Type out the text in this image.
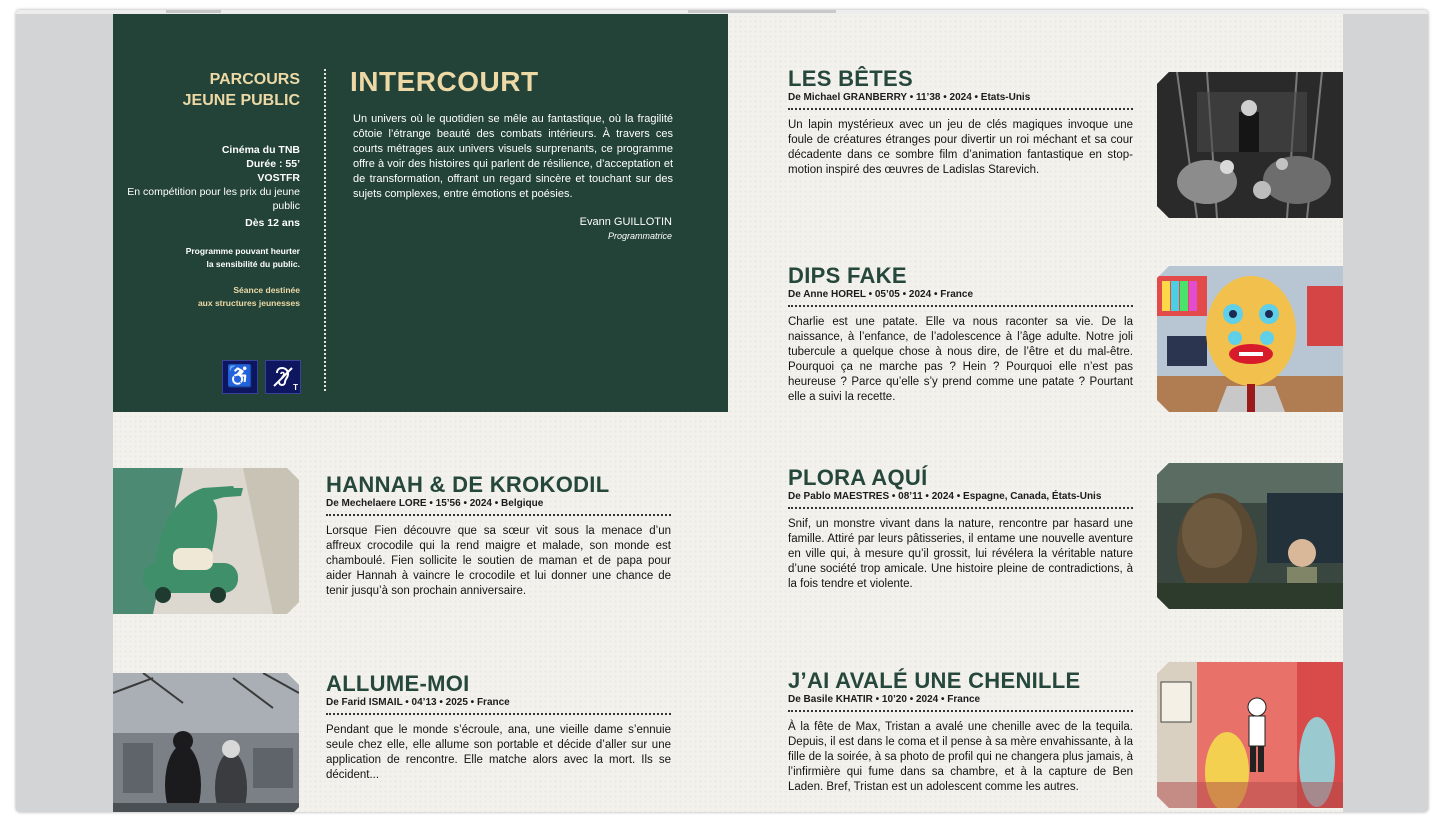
PARCOURS
JEUNE PUBLIC
Cinéma du TNB
Durée : 55’
VOSTFR
En compétition pour les prix du jeune public
Dès 12 ans
Programme pouvant heurter
la sensibilité du public.
Séance destinée
aux structures jeunesses
♿	T
INTERCOURT
Un univers où le quotidien se mêle au fantastique, où la fragilité côtoie l’étrange beauté des combats intérieurs. À travers ces courts métrages aux univers visuels surprenants, ce programme offre à voir des histoires qui parlent de résilience, d’acceptation et de transformation, offrant un regard sincère et touchant sur des sujets complexes, entre émotions et poésies.
Evann GUILLOTIN
Programmatrice
LES BÊTES
De Michael GRANBERRY • 11’38 • 2024 • Etats-Unis

Un lapin mystérieux avec un jeu de clés magiques invoque une foule de créatures étranges pour divertir un roi méchant et sa cour décadente dans ce sombre film d’animation fantastique en stop-motion inspiré des œuvres de Ladislas Starevich.

DIPS FAKE
De Anne HOREL • 05’05 • 2024 • France

Charlie est une patate. Elle va nous raconter sa vie. De la naissance, à l’enfance, de l’adolescence à l’âge adulte. Notre joli tubercule a quelque chose à nous dire, de l’être et du mal-être. Pourquoi ça ne marche pas ? Hein ? Pourquoi elle n’est pas heureuse ? Parce qu’elle s’y prend comme une patate ? Pourtant elle a suivi la recette.

PLORA AQUÍ
De Pablo MAESTRES • 08’11 • 2024 • Espagne, Canada, États-Unis

Snif, un monstre vivant dans la nature, rencontre par hasard une famille. Attiré par leurs pâtisseries, il entame une nouvelle aventure en ville qui, à mesure qu’il grossit, lui révélera la véritable nature d’une société trop amicale. Une histoire pleine de contradictions, à la fois tendre et violente.

J’AI AVALÉ UNE CHENILLE
De Basile KHATIR • 10’20 • 2024 • France

À la fête de Max, Tristan a avalé une chenille avec de la tequila. Depuis, il est dans le coma et il pense à sa mère envahissante, à la fille de la soirée, à sa photo de profil qui ne changera plus jamais, à l’infirmière qui fume dans sa chambre, et à la capture de Ben Laden. Bref, Tristan est un adolescent comme les autres.

HANNAH & DE KROKODIL
De Mechelaere LORE • 15’56 • 2024 • Belgique

Lorsque Fien découvre que sa sœur vit sous la menace d’un affreux crocodile qui la rend maigre et malade, son monde est chamboulé. Fien sollicite le soutien de maman et de papa pour aider Hannah à vaincre le crocodile et lui donner une chance de tenir jusqu’à son prochain anniversaire.

ALLUME-MOI
De Farid ISMAIL • 04’13 • 2025 • France

Pendant que le monde s’écroule, ana, une vieille dame s’ennuie seule chez elle, elle allume son portable et décide d’aller sur une application de rencontre. Elle matche alors avec la mort. Ils se décident...
